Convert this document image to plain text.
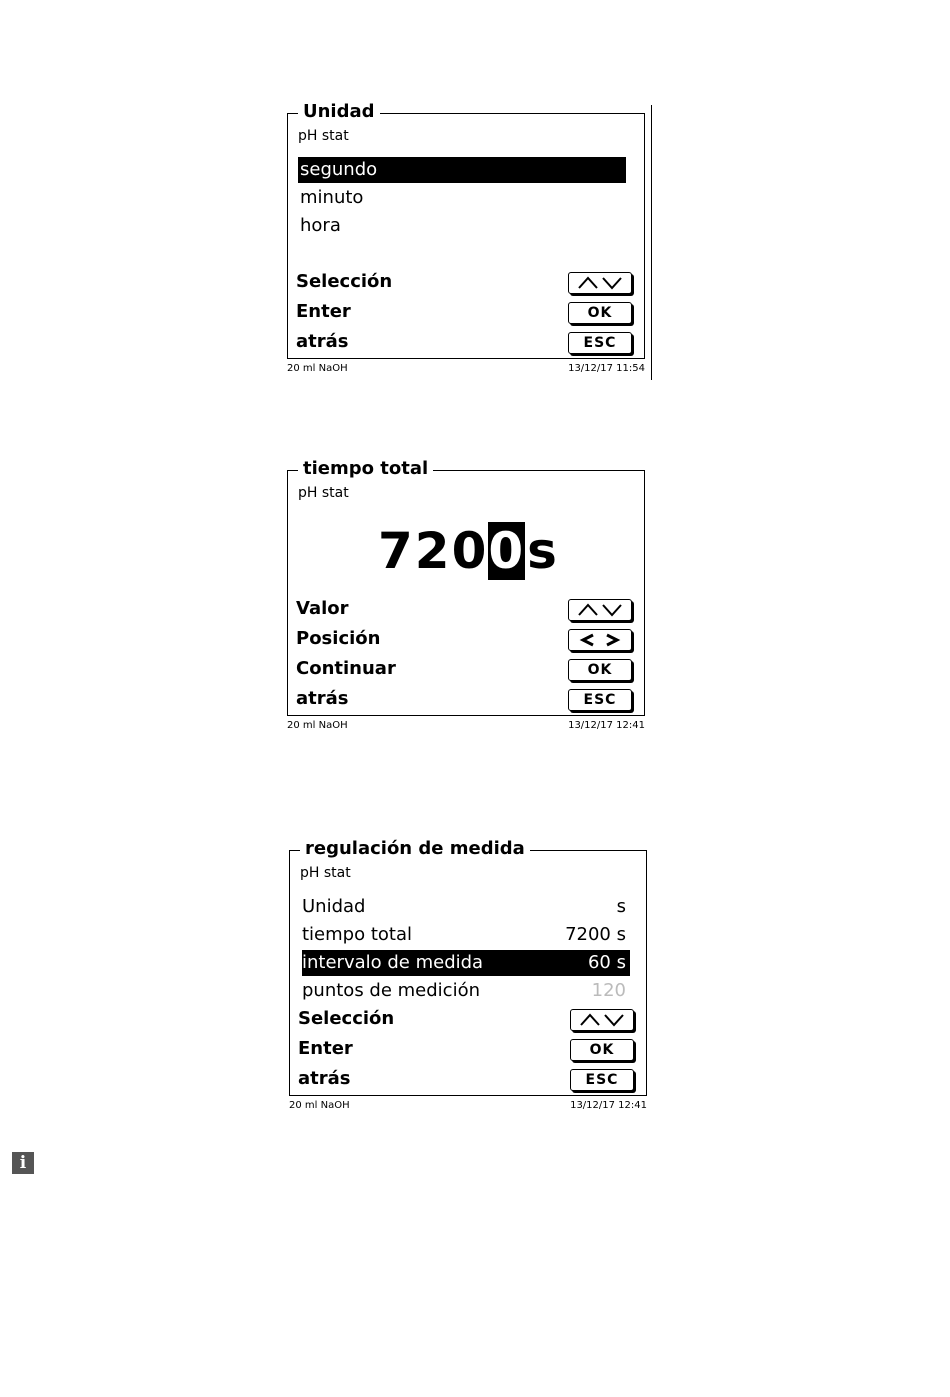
Unidad
pH stat
segundo
minuto
hora
Selección
Enter	OK
atrás	ESC
20 ml NaOH	13/12/17 11:54
tiempo total
pH stat
7200s
Valor
Posición
Continuar	OK
atrás	ESC
20 ml NaOH	13/12/17 12:41
regulación de medida
pH stat
Unidad	s
tiempo total	7200 s
intervalo de medida	60 s
puntos de medición	120
Selección
Enter	OK
atrás	ESC
20 ml NaOH	13/12/17 12:41
i
